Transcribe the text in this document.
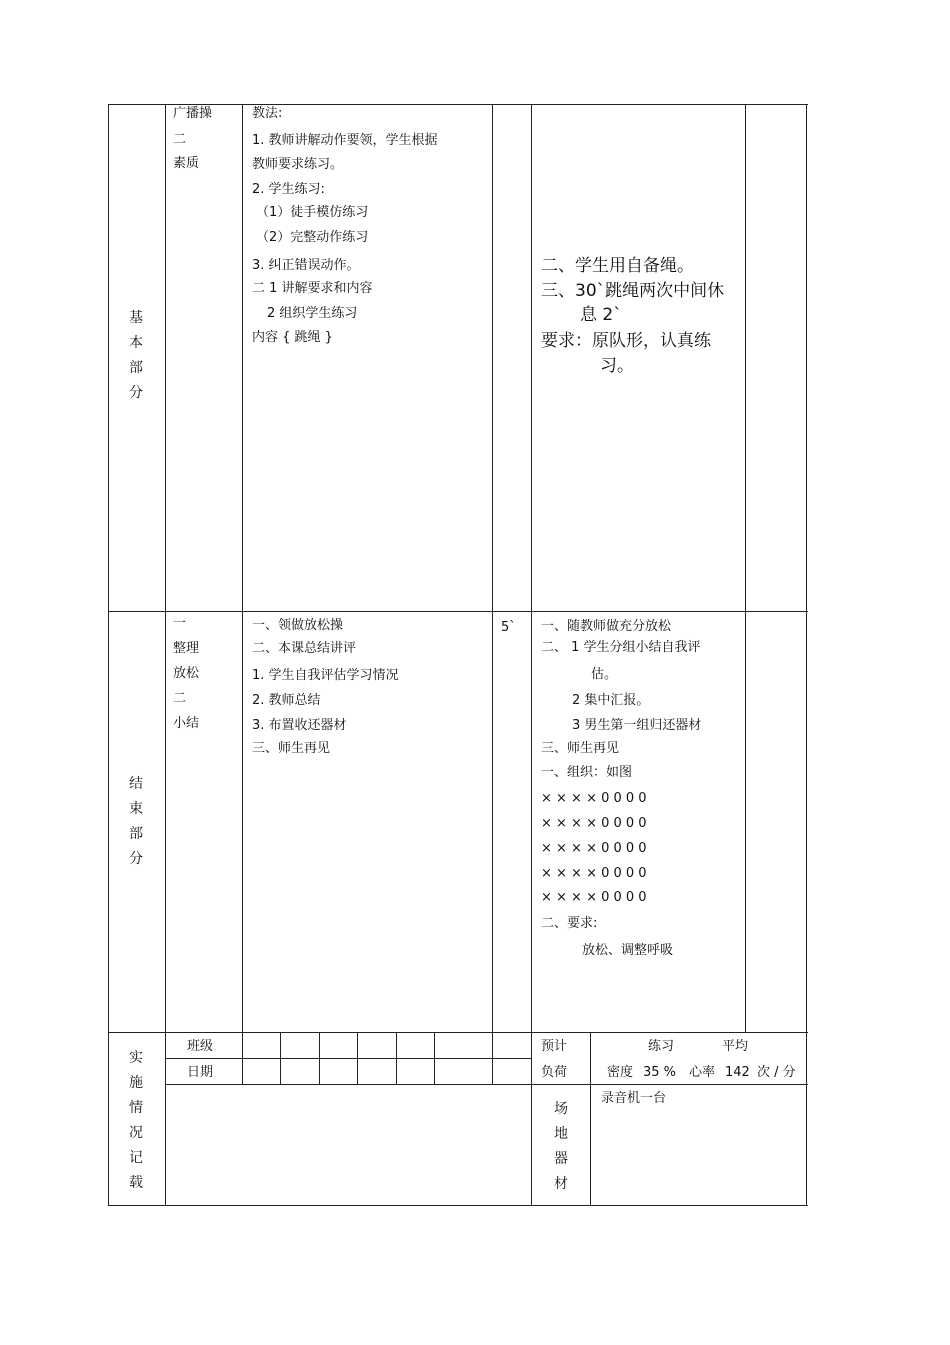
基
本
部
分
广播操
二
素质
教法:
1. 教师讲解动作要领，学生根据
教师要求练习。
2. 学生练习:
（1）徒手模仿练习
（2）完整动作练习
3. 纠正错误动作。
二 1 讲解要求和内容
2 组织学生练习
内容 { 跳绳 }
二、学生用自备绳。
三、30`跳绳两次中间休
息 2`
要求：原队形，认真练
习。
结
束
部
分
一
整理
放松
二
小结
一、领做放松操
二、本课总结讲评
1. 学生自我评估学习情况
2. 教师总结
3. 布置收还器材
三、师生再见
5` 一、随教师做充分放松
二、 1 学生分组小结自我评
估。
2 集中汇报。
3 男生第一组归还器材
三、师生再见
一、组织：如图
× × × × 0 0 0 0
× × × × 0 0 0 0
× × × × 0 0 0 0
× × × × 0 0 0 0
× × × × 0 0 0 0
二、要求:
放松、调整呼吸
实
施
情
况
记
载
班级
日期
预计
负荷
练习	平均
密度 35 % 心率 142 次 / 分
场
地
器
材
录音机一台
